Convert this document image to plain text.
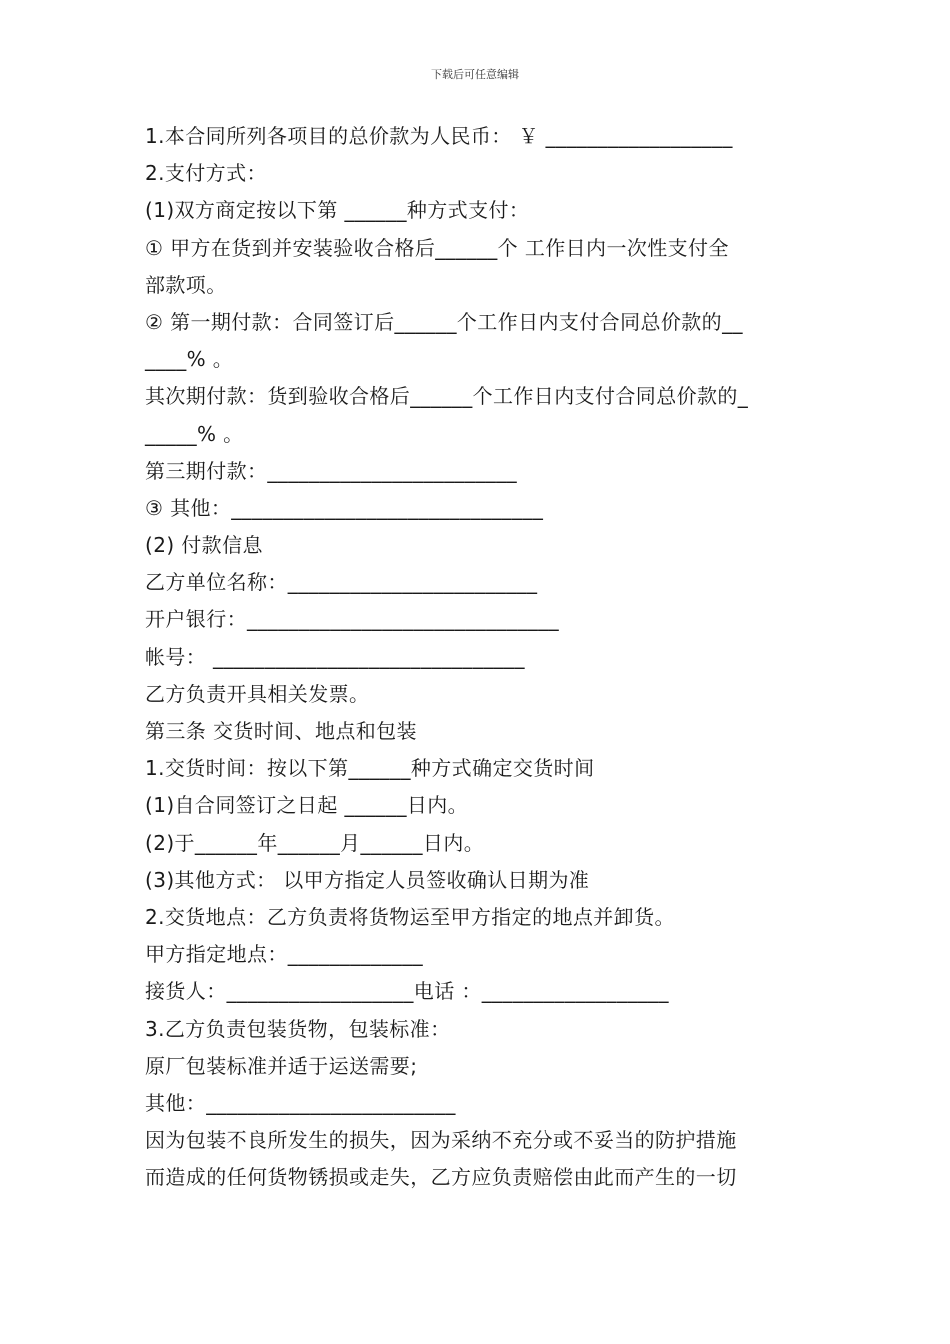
下载后可任意编辑
1.本合同所列各项目的总价款为人民币： ￥ __________________
2.支付方式：
(1)双方商定按以下第 ______种方式支付：
① 甲方在货到并安装验收合格后______个 工作日内一次性支付全
部款项。
② 第一期付款：合同签订后______个工作日内支付合同总价款的__
____% 。
其次期付款：货到验收合格后______个工作日内支付合同总价款的_
_____% 。
第三期付款：________________________
③ 其他：______________________________
(2) 付款信息
乙方单位名称：________________________
开户银行：______________________________
帐号： ______________________________
乙方负责开具相关发票。
第三条 交货时间、地点和包装
1.交货时间：按以下第______种方式确定交货时间
(1)自合同签订之日起 ______日内。
(2)于______年______月______日内。
(3)其他方式： 以甲方指定人员签收确认日期为准
2.交货地点：乙方负责将货物运至甲方指定的地点并卸货。
甲方指定地点：_____________
接货人：__________________电话 ：__________________
3.乙方负责包装货物，包装标准：
原厂包装标准并适于运送需要;
其他：________________________
因为包装不良所发生的损失，因为采纳不充分或不妥当的防护措施
而造成的任何货物锈损或走失，乙方应负责赔偿由此而产生的一切
